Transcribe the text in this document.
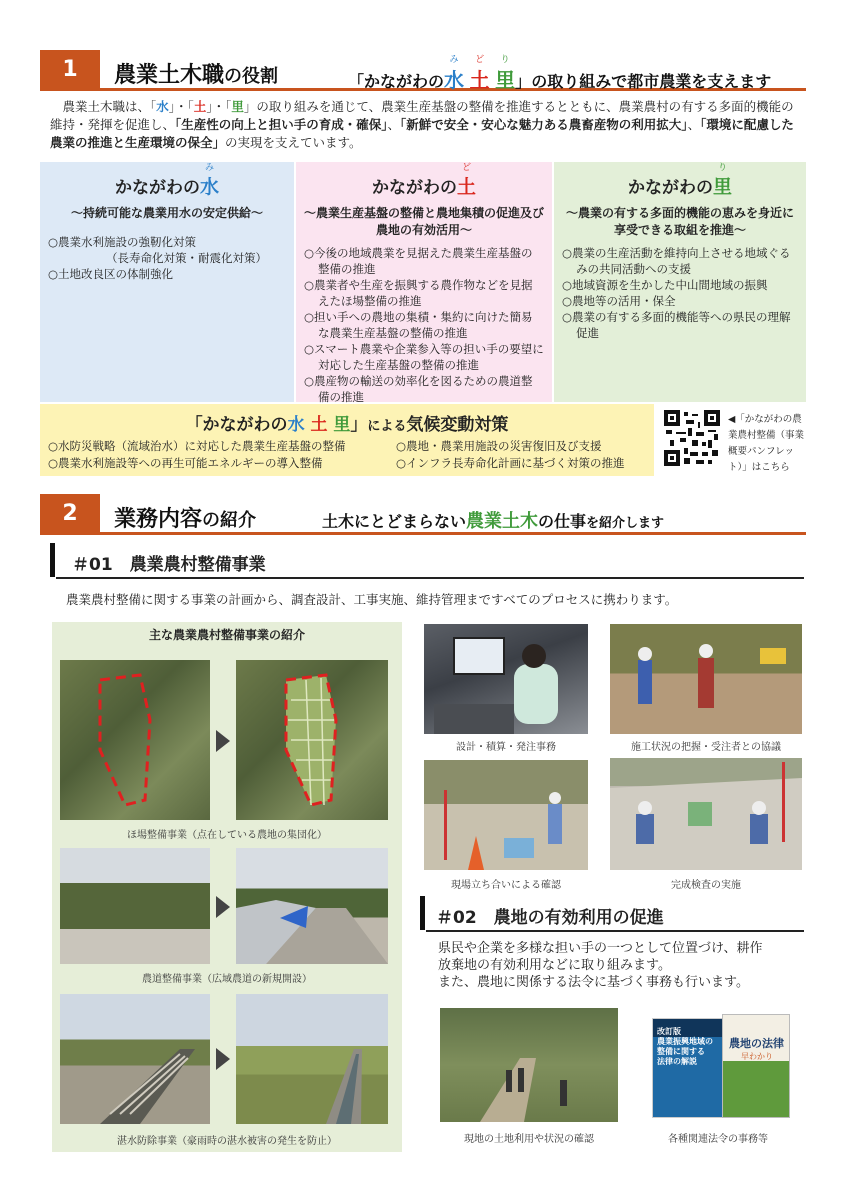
1	農業土木職の役割	「かながわの
み
水
ど
土
り
里」の取り組みで都市農業を支えます
農業土木職は、「水」・「土」・「里」の取り組みを通じて、農業生産基盤の整備を推進するとともに、農業農村の有する多面的機能の維持・発揮を促進し、「生産性の向上と担い手の育成・確保」、「新鮮で安全・安心な魅力ある農畜産物の利用拡大」、「環境に配慮した農業の推進と生産環境の保全」の実現を支えています。
かながわの
み
水
～持続可能な農業用水の安定供給～
○農業水利施設の強靭化対策
（長寿命化対策・耐震化対策）
○土地改良区の体制強化
かながわの
ど
土
～農業生産基盤の整備と農地集積の促進及び農地の有効活用～
○今後の地域農業を見据えた農業生産基盤の整備の推進
○農業者や生産を振興する農作物などを見据えたほ場整備の推進
○担い手への農地の集積・集約に向けた簡易な農業生産基盤の整備の推進
○スマート農業や企業参入等の担い手の要望に対応した生産基盤の整備の推進
○農産物の輸送の効率化を図るための農道整備の推進
かながわの
り
里
～農業の有する多面的機能の恵みを身近に享受できる取組を推進～
○農業の生産活動を維持向上させる地域ぐるみの共同活動への支援
○地域資源を生かした中山間地域の振興
○農地等の活用・保全
○農業の有する多面的機能等への県民の理解促進
「かながわの水 土 里」による気候変動対策
○水防災戦略（流域治水）に対応した農業生産基盤の整備
○農業水利施設等への再生可能エネルギーの導入整備
○農地・農業用施設の災害復旧及び支援
○インフラ長寿命化計画に基づく対策の推進
◀「かながわの農業農村整備（事業概要パンフレット）」はこちら
2	業務内容の紹介	土木にとどまらない農業土木の仕事を紹介します
＃01　農業農村整備事業
農業農村整備に関する事業の計画から、調査設計、工事実施、維持管理まですべてのプロセスに携わります。
主な農業農村整備事業の紹介
ほ場整備事業（点在している農地の集団化）
農道整備事業（広域農道の新規開設）
湛水防除事業（豪雨時の湛水被害の発生を防止）
設計・積算・発注事務	施工状況の把握・受注者との協議
現場立ち合いによる確認	完成検査の実施
＃02　農地の有効利用の促進
県民や企業を多様な担い手の一つとして位置づけ、耕作
放棄地の有効利用などに取り組みます。
また、農地に関係する法令に基づく事務も行います。
現地の土地利用や状況の確認
改訂版
農業振興地域の
整備に関する
法律の解説
農地の法律
早わかり
各種関連法令の事務等
